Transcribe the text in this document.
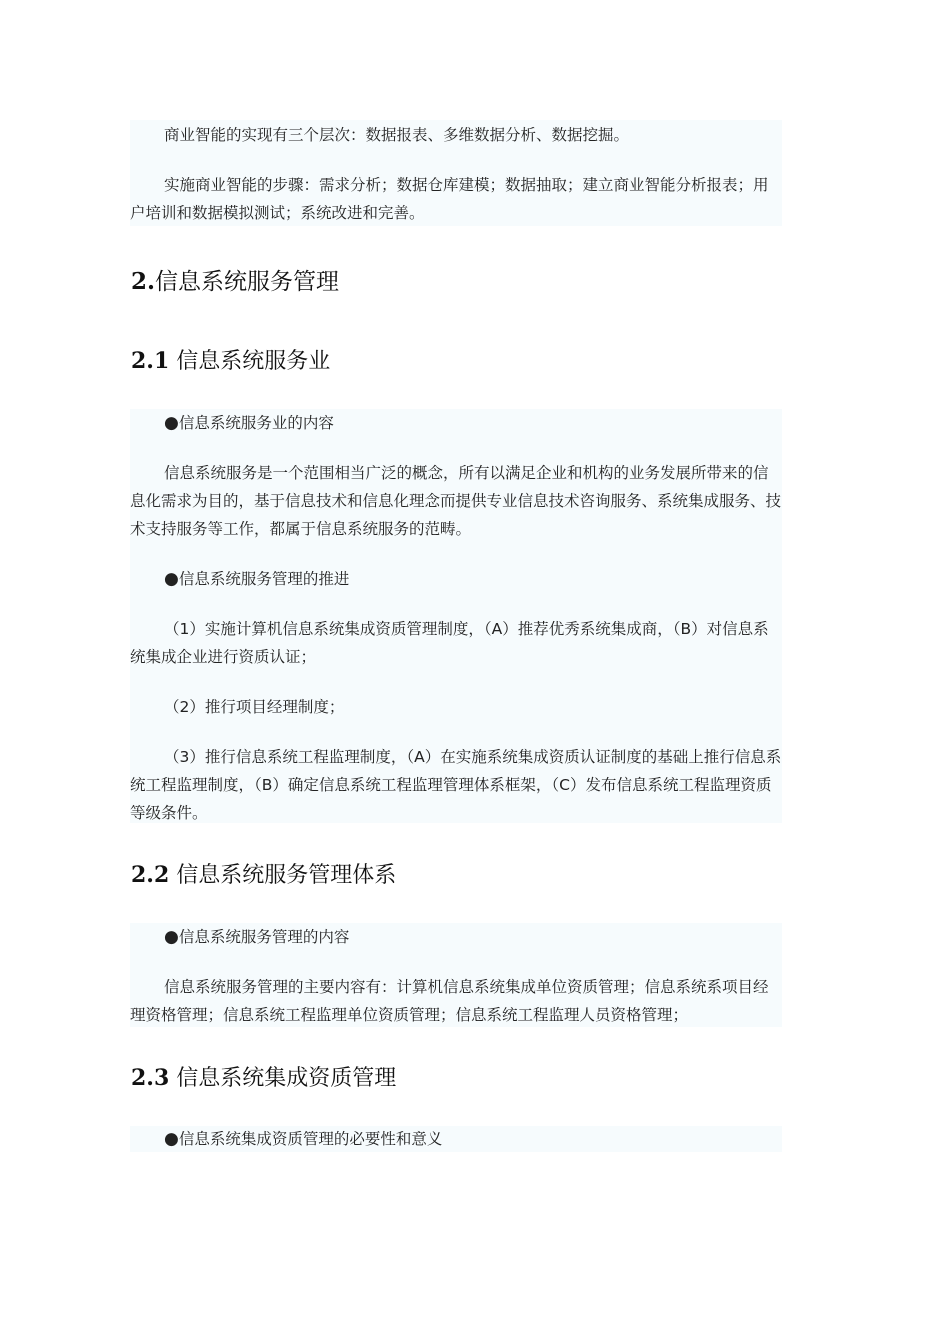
商业智能的实现有三个层次：数据报表、多维数据分析、数据挖掘。

实施商业智能的步骤：需求分析；数据仓库建模；数据抽取；建立商业智能分析报表；用户培训和数据模拟测试；系统改进和完善。

2.信息系统服务管理
2.1 信息系统服务业

●信息系统服务业的内容

信息系统服务是一个范围相当广泛的概念，所有以满足企业和机构的业务发展所带来的信息化需求为目的，基于信息技术和信息化理念而提供专业信息技术咨询服务、系统集成服务、技术支持服务等工作，都属于信息系统服务的范畴。

●信息系统服务管理的推进

（1）实施计算机信息系统集成资质管理制度，（A）推荐优秀系统集成商，（B）对信息系统集成企业进行资质认证；

（2）推行项目经理制度；

（3）推行信息系统工程监理制度，（A）在实施系统集成资质认证制度的基础上推行信息系统工程监理制度，（B）确定信息系统工程监理管理体系框架，（C）发布信息系统工程监理资质等级条件。

2.2 信息系统服务管理体系

●信息系统服务管理的内容

信息系统服务管理的主要内容有：计算机信息系统集成单位资质管理；信息系统系项目经理资格管理；信息系统工程监理单位资质管理；信息系统工程监理人员资格管理；

2.3 信息系统集成资质管理

●信息系统集成资质管理的必要性和意义
